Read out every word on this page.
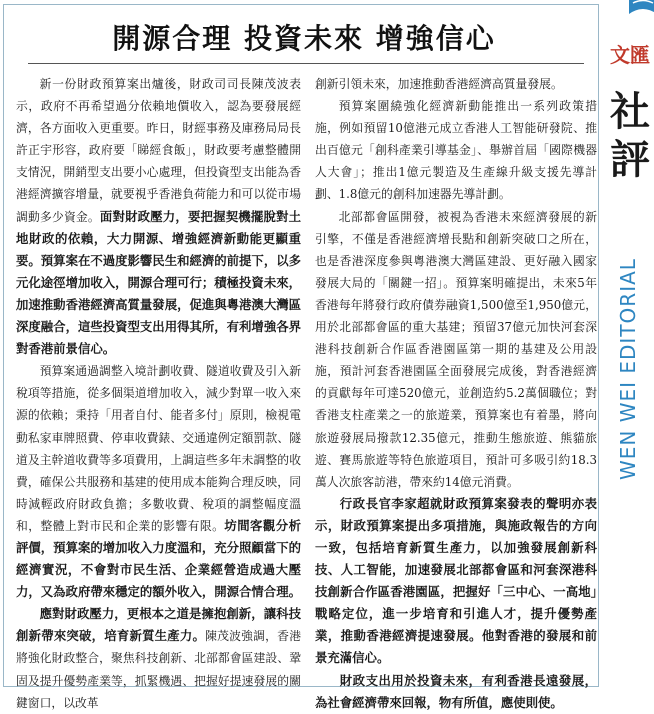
開源合理 投資未來 增強信心

新一份財政預算案出爐後，財政司司長陳茂波表示，政府不再希望過分依賴地價收入，認為要發展經濟，各方面收入更重要。昨日，財經事務及庫務局局長許正宇形容，政府要「睇經食飯」，財政要考慮整體開支情況，開銷型支出要小心處理，但投資型支出能為香港經濟擴容增量，就要視乎香港負荷能力和可以從市場調動多少資金。面對財政壓力，要把握契機擺脫對土地財政的依賴，大力開源、增強經濟新動能更顯重要。預算案在不過度影響民生和經濟的前提下，以多元化途徑增加收入，開源合理可行；積極投資未來，加速推動香港經濟高質量發展，促進與粵港澳大灣區深度融合，這些投資型支出用得其所，有利增強各界對香港前景信心。

預算案通過調整入境計劃收費、隧道收費及引入新稅項等措施，從多個渠道增加收入，減少對單一收入來源的依賴；秉持「用者自付、能者多付」原則，檢視電動私家車牌照費、停車收費錶、交通違例定額罰款、隧道及主幹道收費等多項費用，上調這些多年未調整的收費，確保公共服務和基建的使用成本能夠合理反映，同時減輕政府財政負擔；多數收費、稅項的調整幅度溫和，整體上對市民和企業的影響有限。坊間客觀分析評價，預算案的增加收入力度溫和，充分照顧當下的經濟實況，不會對市民生活、企業經營造成過大壓力，又為政府帶來穩定的額外收入，開源合情合理。

應對財政壓力，更根本之道是擁抱創新，讓科技創新帶來突破，培育新質生產力。陳茂波強調，香港將強化財政整合，聚焦科技創新、北部都會區建設、鞏固及提升優勢產業等，抓緊機遇、把握好提速發展的關鍵窗口，以改革

創新引領未來，加速推動香港經濟高質量發展。

預算案圍繞強化經濟新動能推出一系列政策措施，例如預留10億港元成立香港人工智能研發院、推出百億元「創科產業引導基金」、舉辦首屆「國際機器人大會」；推出1億元製造及生產線升級支援先導計劃、1.8億元的創科加速器先導計劃。

北部都會區開發，被視為香港未來經濟發展的新引擎，不僅是香港經濟增長點和創新突破口之所在，也是香港深度參與粵港澳大灣區建設、更好融入國家發展大局的「關鍵一招」。預算案明確提出，未來5年香港每年將發行政府債券融資1,500億至1,950億元，用於北部都會區的重大基建；預留37億元加快河套深港科技創新合作區香港園區第一期的基建及公用設施，預計河套香港園區全面發展完成後，對香港經濟的貢獻每年可達520億元，並創造約5.2萬個職位；對香港支柱產業之一的旅遊業，預算案也有着墨，將向旅遊發展局撥款12.35億元，推動生態旅遊、熊貓旅遊、賽馬旅遊等特色旅遊項目，預計可多吸引約18.3萬人次旅客訪港，帶來約14億元消費。

行政長官李家超就財政預算案發表的聲明亦表示，財政預算案提出多項措施，與施政報告的方向一致，包括培育新質生產力，以加強發展創新科技、人工智能，加速發展北部都會區和河套深港科技創新合作區香港園區，把握好「三中心、一高地」戰略定位，進一步培育和引進人才，提升優勢產業，推動香港經濟提速發展。他對香港的發展和前景充滿信心。

財政支出用於投資未來，有利香港長遠發展，為社會經濟帶來回報，物有所值，應使則使。

文匯
社評
WEN WEI EDITORIAL
